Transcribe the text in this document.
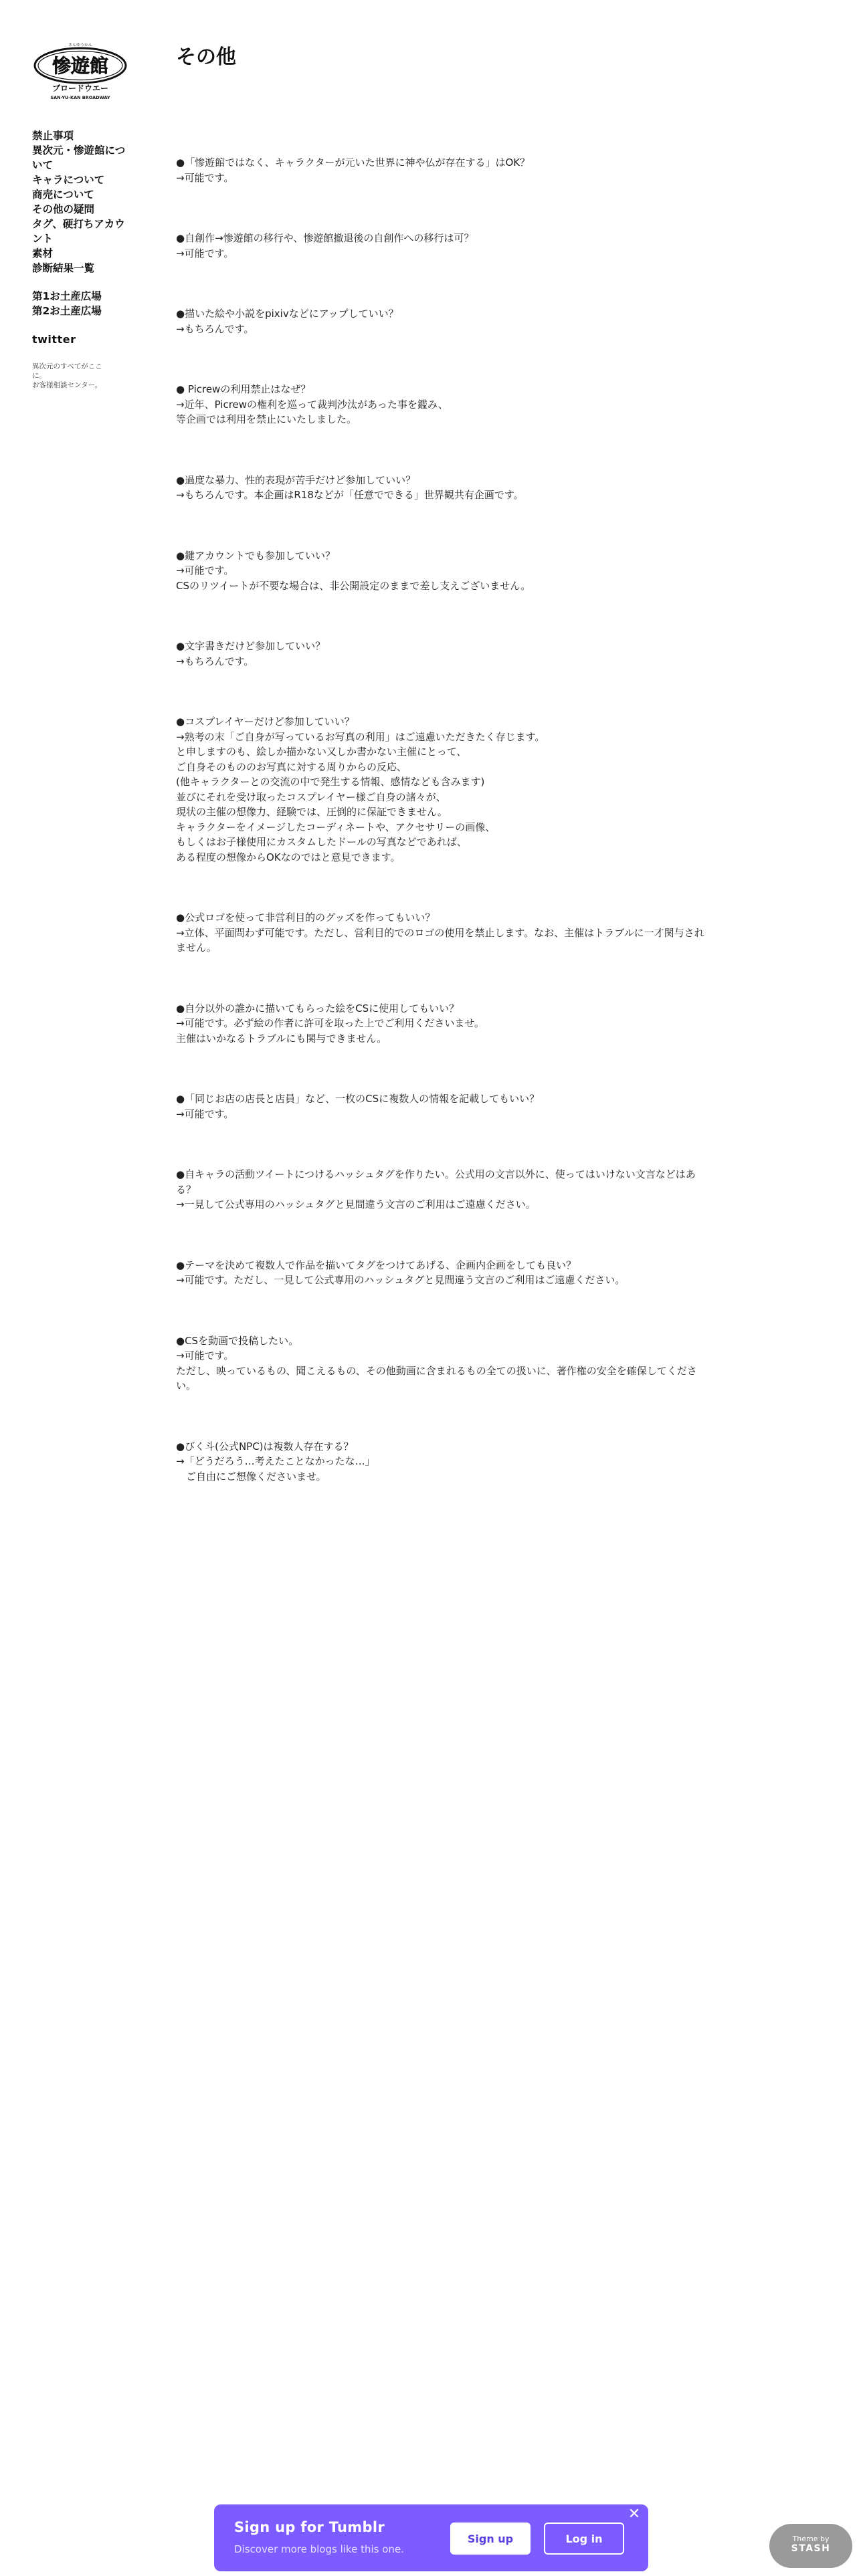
さんゆうかん
惨遊館
ブロードウエー
SAN-YU-KAN BROADWAY
禁止事項
異次元・惨遊館について
キャラについて
商売について
その他の疑問
タグ、硬打ちアカウント
素材
診断結果一覧
第1お土産広場
第2お土産広場
twitter
異次元のすべてがここに。
お客様相談センター。
その他
●「惨遊館ではなく、キャラクターが元いた世界に神や仏が存在する」はOK？
→可能です。
●自創作→惨遊館の移行や、惨遊館撤退後の自創作への移行は可？
→可能です。
●描いた絵や小説をpixivなどにアップしていい？
→もちろんです。
● Picrewの利用禁止はなぜ？
→近年、Picrewの権利を巡って裁判沙汰があった事を鑑み、
等企画では利用を禁止にいたしました。
●過度な暴力、性的表現が苦手だけど参加していい？
→もちろんです。本企画はR18などが「任意でできる」世界観共有企画です。
●鍵アカウントでも参加していい？
→可能です。
CSのリツイートが不要な場合は、非公開設定のままで差し支えございません。
●文字書きだけど参加していい？
→もちろんです。
●コスプレイヤーだけど参加していい？
→熟考の末「ご自身が写っているお写真の利用」はご遠慮いただきたく存じます。
と申しますのも、絵しか描かない又しか書かない主催にとって、
ご自身そのもののお写真に対する周りからの反応、
(他キャラクターとの交流の中で発生する情報、感情なども含みます)
並びにそれを受け取ったコスプレイヤー様ご自身の諸々が、
現状の主催の想像力、経験では、圧倒的に保証できません。
キャラクターをイメージしたコーディネートや、アクセサリーの画像、
もしくはお子様使用にカスタムしたドールの写真などであれば、
ある程度の想像からOKなのではと意見できます。
●公式ロゴを使って非営利目的のグッズを作ってもいい？
→立体、平面問わず可能です。ただし、営利目的でのロゴの使用を禁止します。なお、主催はトラブルに一才関与されません。
●自分以外の誰かに描いてもらった絵をCSに使用してもいい？
→可能です。必ず絵の作者に許可を取った上でご利用くださいませ。
主催はいかなるトラブルにも関与できません。
●「同じお店の店長と店員」など、一枚のCSに複数人の情報を記載してもいい？
→可能です。
●自キャラの活動ツイートにつけるハッシュタグを作りたい。公式用の文言以外に、使ってはいけない文言などはある？
→一見して公式専用のハッシュタグと見間違う文言のご利用はご遠慮ください。
●テーマを決めて複数人で作品を描いてタグをつけてあげる、企画内企画をしても良い？
→可能です。ただし、一見して公式専用のハッシュタグと見間違う文言のご利用はご遠慮ください。
●CSを動画で投稿したい。
→可能です。
ただし、映っているもの、聞こえるもの、その他動画に含まれるもの全ての扱いに、著作権の安全を確保してください。
●びく斗(公式NPC)は複数人存在する？
→「どうだろう…考えたことなかったな…」
　ご自由にご想像くださいませ。
Sign up for Tumblr
Discover more blogs like this one.
Sign up	Log in
✕
Theme by
STASH
